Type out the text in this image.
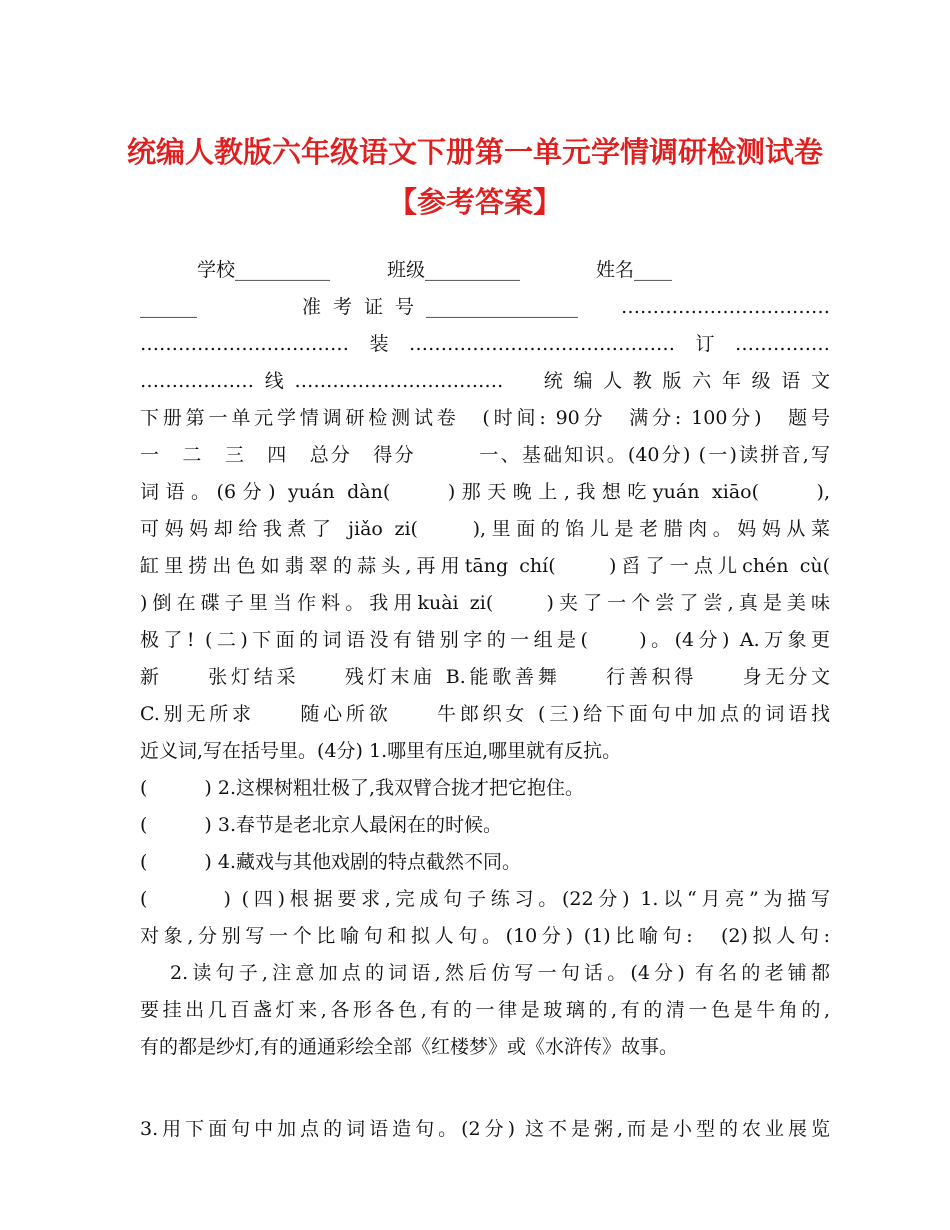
统编人教版六年级语文下册第一单元学情调研检测试卷
【参考答案】
　　　学校__________　　　班级__________　　　　姓名____
______　　　准考证号________________　……………………………
……………………………装……………………………………订……………
………………线……………………………　统编人教版六年级语文
下册第一单元学情调研检测试卷　(时间: 90分　满分: 100分)　题号
一　二　三　四　总分　得分　　　一、基础知识。(40分) (一)读拼音,写
词语。(6分) yuán dàn(　　)那天晚上,我想吃yuán xiāo(　　),
可妈妈却给我煮了 jiǎo zi(　　),里面的馅儿是老腊肉。妈妈从菜
缸里捞出色如翡翠的蒜头,再用tāng chí(　　)舀了一点儿chén cù(
)倒在碟子里当作料。我用kuài zi(　　)夹了一个尝了尝,真是美味
极了! (二)下面的词语没有错别字的一组是(　　)。(4分) A.万象更
新　　张灯结采　　残灯末庙 B.能歌善舞　　行善积得　　身无分文
C.别无所求　　随心所欲　　牛郎织女 (三)给下面句中加点的词语找
近义词,写在括号里。(4分) 1.哪里有压迫,哪里就有反抗。
(　　　) 2.这棵树粗壮极了,我双臂合拢才把它抱住。
(　　　) 3.春节是老北京人最闲在的时候。
(　　　) 4.藏戏与其他戏剧的特点截然不同。
(　　　) (四)根据要求,完成句子练习。(22分) 1.以“月亮”为描写
对象,分别写一个比喻句和拟人句。(10分) (1)比喻句:　(2)拟人句:
2.读句子,注意加点的词语,然后仿写一句话。(4分) 有名的老铺都
要挂出几百盏灯来,各形各色,有的一律是玻璃的,有的清一色是牛角的,
有的都是纱灯,有的通通彩绘全部《红楼梦》或《水浒传》故事。
3.用下面句中加点的词语造句。(2分) 这不是粥,而是小型的农业展览
